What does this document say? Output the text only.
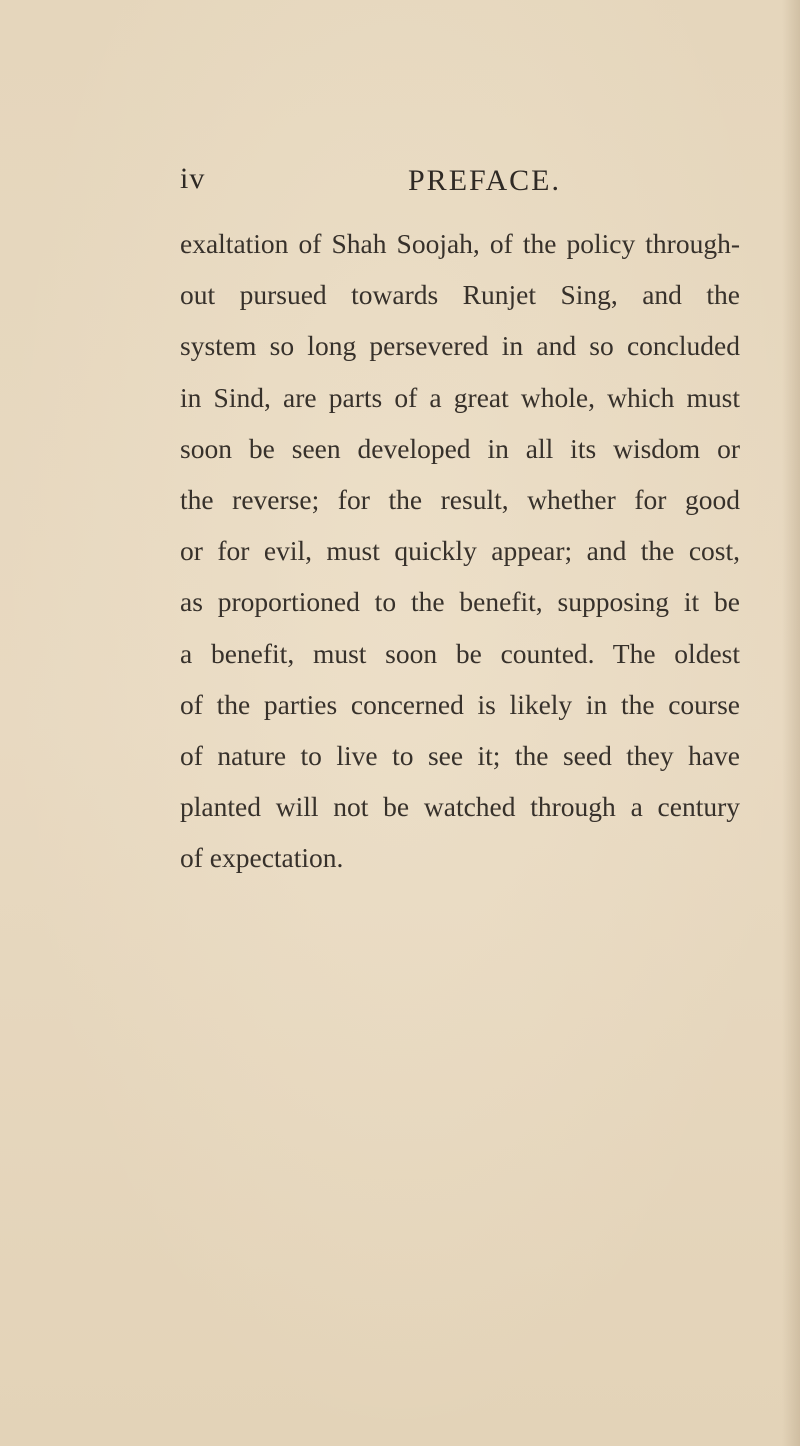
iv	PREFACE.
exaltation of Shah Soojah, of the policy through-
out pursued towards Runjet Sing, and the
system so long persevered in and so concluded
in Sind, are parts of a great whole, which must
soon be seen developed in all its wisdom or
the reverse; for the result, whether for good
or for evil, must quickly appear; and the cost,
as proportioned to the benefit, supposing it be
a benefit, must soon be counted. The oldest
of the parties concerned is likely in the course
of nature to live to see it; the seed they have
planted will not be watched through a century
of expectation.
